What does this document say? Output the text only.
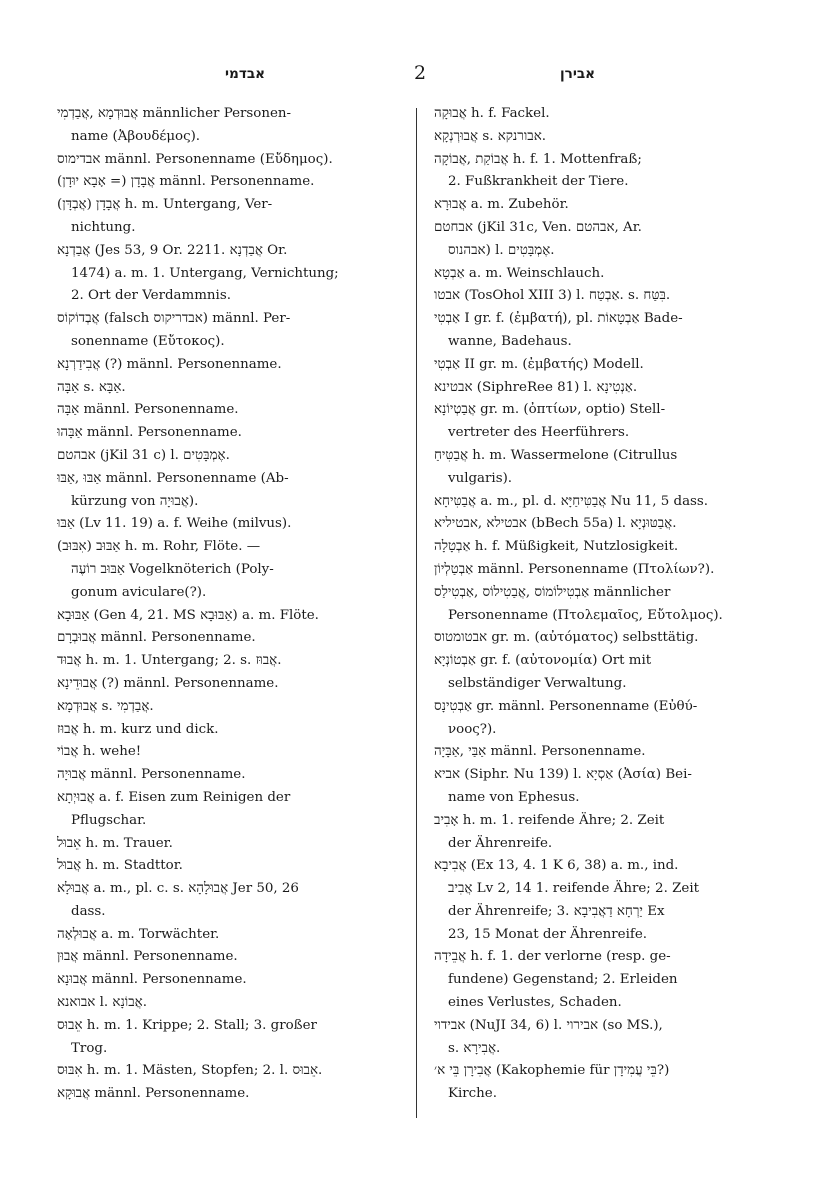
אבדמי	2	אבירן
אֲבוּדְמָא ,אֲבַדְמִי männlicher Personen-
name (Ἀβουδέμος).
אבדימוס männl. Personenname (Εὔδημος).
אֲבָדָן (= אָבָא יוּדָן) männl. Personenname.
אֲבָדָן (אֲבְדָּן) h. m. Untergang, Ver-
nichtung.
אֲבַדְנָא (Jes 53, 9 Or. 2211. אֲבַדְנָא Or.
1474) a. m. 1. Untergang, Vernichtung;
2. Ort der Verdammnis.
אֲבְדוֹקוֹס (falsch אבדריקוס) männl. Per-
sonenname (Εὔτοκος).
אֲבִידַרְנָא (?) männl. Personenname.
אַבָּה s. אַבָּא.
אַבָּה männl. Personenname.
אַבָּהוּ männl. Personenname.
אבהטם (jKil 31 c) l. אֶמְבָּטִים.
אַבּוּ ,אַבּוּ männl. Personenname (Ab-
kürzung von אֲבוּיָה).
אַבּוּ (Lv 11. 19) a. f. Weihe (milvus).
אַבּוּב (אִבּוּב) h. m. Rohr, Flöte. —
אַבּוּב רוֹעֶה Vogelknöterich (Poly-
gonum aviculare(?).
אַבּוּבָא (Gen 4, 21. MS אַבּוּבָא) a. m. Flöte.
אֲבוּבְרָם männl. Personenname.
אֲבוּד h. m. 1. Untergang; 2. s. אֲבוּז.
אֲבוּדֵינָא (?) männl. Personenname.
אֲבוּדְמָא s. אֲבַדְמִי.
אֲבוּז h. m. kurz und dick.
אֲבוֹי h. wehe!
אֲבוּיָה männl. Personenname.
אֲבוּיְתָא a. f. Eisen zum Reinigen der
Pflugschar.
אֵבוּל h. m. Trauer.
אֲבוּל h. m. Stadttor.
אֲבוּלָא a. m., pl. c. s. אֲבוּלָהָא Jer 50, 26
dass.
אֲבוּלְאָה a. m. Torwächter.
אֲבוּן männl. Personenname.
אֲבוּנָא männl. Personenname.
אבואנא l. אֲבוֹנָא.
אֵבוּס h. m. 1. Krippe; 2. Stall; 3. großer
Trog.
אִבּוּס h. m. 1. Mästen, Stopfen; 2. l. אֵבוּס.
אֲבוּקָא männl. Personenname.
אֲבוּקָה h. f. Fackel.
אֲבוּרְנְקָא s. אבורנקא.
אֲבוֹקַת ,אֲבוֹקָה h. f. 1. Mottenfraß;
2. Fußkrankheit der Tiere.
אֲבוּרָא a. m. Zubehör.
אבחטם (jKil 31c, Ven. אבהטם, Ar.
אבהנוס) l. אֶמְבָּטִים.
אַבְטָא a. m. Weinschlauch.
אבטו (TosOhol XIII 3) l. אַבְטַח. s. בִּטַּח.
אַבְטִי I gr. f. (ἐμβατή), pl. אַבְטָאוֹת Bade-
wanne, Badehaus.
אַבְטִי II gr. m. (ἐμβατής) Modell.
אבטינא (SiphreRee 81) l. אַנְטִינָא.
אֲבַטְיוֹנָא gr. m. (ὀπτίων, optio) Stell-
vertreter des Heerführers.
אֲבַטִּיחַ h. m. Wassermelone (Citrullus
vulgaris).
אֲבַטִּיחָא a. m., pl. d. אֲבַטִּיחַיָּא Nu 11, 5 dass.
אבטילא ,אבטיליא (bBech 55a) l. אֲבַטּוּנְיָא.
אַבְטָלָה h. f. Müßigkeit, Nutzlosigkeit.
אַבְטַלְיוֹן männl. Personenname (Πτολίων?).
אַבְטִילוֹמוֹס ,אֲבַטִילוֹס ,אַבְטִילַס männlicher
Personenname (Πτολεμαῖος, Εὔτολμος).
אבטומטוס gr. m. (αὐτόματος) selbsttätig.
אַבְטוֹנְיָא gr. f. (αὐτονομία) Ort mit
selbständiger Verwaltung.
אַבְטִינָס gr. männl. Personenname (Εὐθύ-
νοος?).
אַבַּי ,אַבָּיָה männl. Personenname.
אביא (Siphr. Nu 139) l. אַסְיָא (Ἀσία) Bei-
name von Ephesus.
אָבִיב h. m. 1. reifende Ähre; 2. Zeit
der Ährenreife.
אֲבִיבָא (Ex 13, 4. 1 K 6, 38) a. m., ind.
אֲבִיב Lv 2, 14 1. reifende Ähre; 2. Zeit
der Ährenreife; 3. יַרְחָא דַאֲבִיבָא Ex
23, 15 Monat der Ährenreife.
אֲבֵידָה h. f. 1. der verlorne (resp. ge-
fundene) Gegenstand; 2. Erleiden
eines Verlustes, Schaden.
אבידוי (NuJI 34, 6) l. אבירוי (so MS.),
s. אֲבִירָא.
אֲבִירָן בֵּי א׳ (Kakophemie für בֵּי עֲמִידָן?)
Kirche.
